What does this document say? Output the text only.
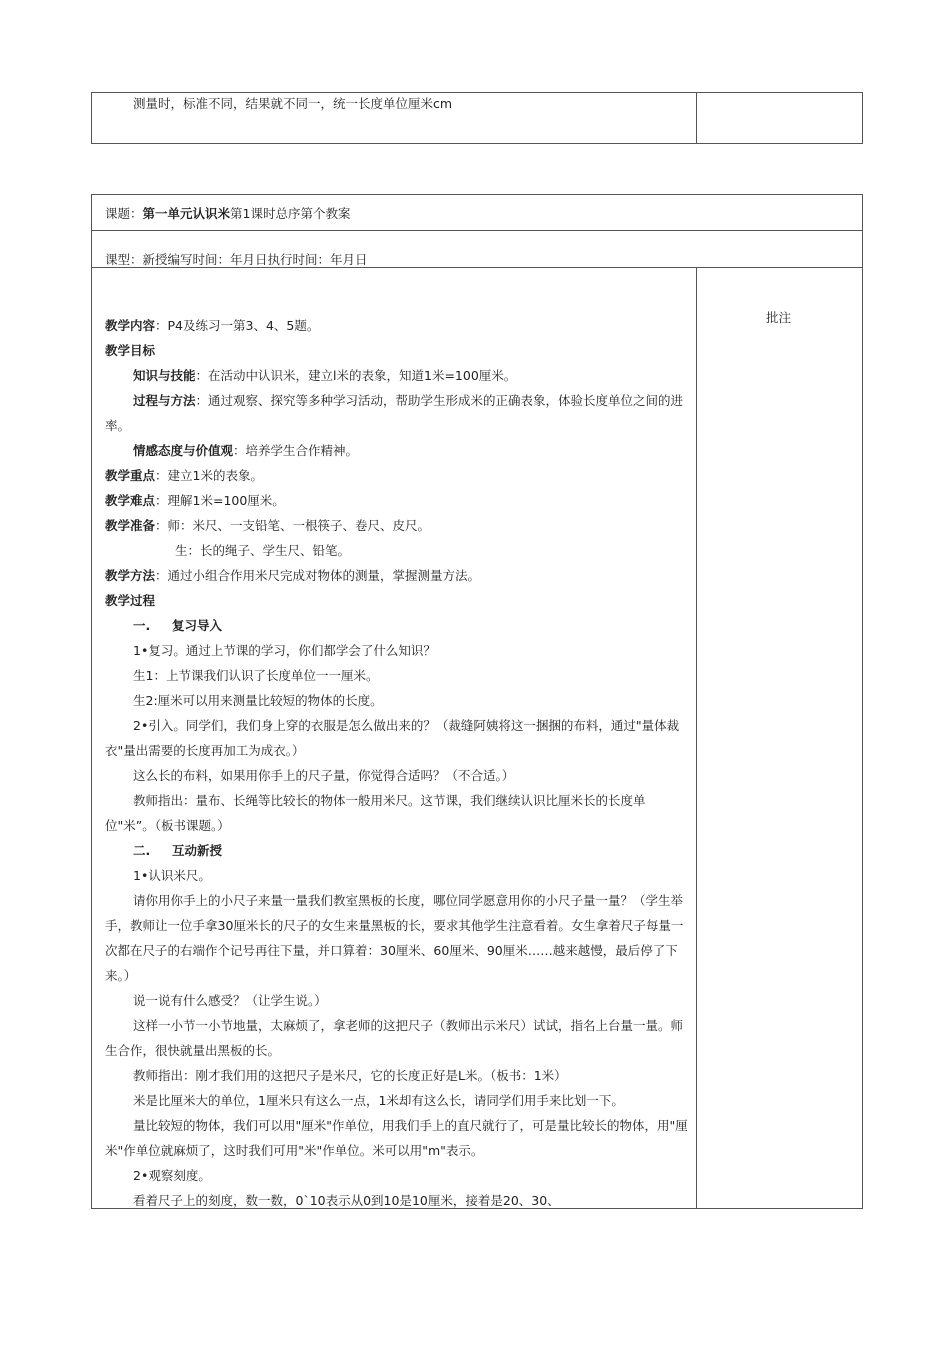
测量时，标准不同，结果就不同一，统一长度单位厘米cm
课题：第一单元认识米第1课时总序第个教案
课型：新授编写时间：年月日执行时间：年月日
批注
教学内容：P4及练习一第3、4、5题。
教学目标
知识与技能：在活动中认识米，建立l米的表象，知道1米=100厘米。
过程与方法：通过观察、探究等多种学习活动，帮助学生形成米的正确表象，体验长度单位之间的进率。
情感态度与价值观：培养学生合作精神。
教学重点：建立1米的表象。
教学难点：理解1米=100厘米。
教学准备：师：米尺、一支铅笔、一根筷子、卷尺、皮尺。
生：长的绳子、学生尺、铅笔。
教学方法：通过小组合作用米尺完成对物体的测量，掌握测量方法。
教学过程
一.     复习导入
1•复习。通过上节课的学习，你们都学会了什么知识？
生1：上节课我们认识了长度单位一一厘米。
生2:厘米可以用来测量比较短的物体的长度。
2•引入。同学们，我们身上穿的衣服是怎么做出来的？（裁缝阿姨将这一捆捆的布料，通过"量体裁衣"量出需要的长度再加工为成衣。）
这么长的布料，如果用你手上的尺子量，你觉得合适吗？（不合适。）
教师指出：量布、长绳等比较长的物体一般用米尺。这节课，我们继续认识比厘米长的长度单位"米”。（板书课题。）
二.     互动新授
1•认识米尺。
请你用你手上的小尺子来量一量我们教室黑板的长度，哪位同学愿意用你的小尺子量一量？（学生举手，教师让一位手拿30厘米长的尺子的女生来量黑板的长，要求其他学生注意看着。女生拿着尺子每量一次都在尺子的右端作个记号再往下量，并口算着：30厘米、60厘米、90厘米……越来越慢，最后停了下来。）
说一说有什么感受？（让学生说。）
这样一小节一小节地量，太麻烦了，拿老师的这把尺子（教师出示米尺）试试，指名上台量一量。师生合作，很快就量出黑板的长。
教师指出：刚才我们用的这把尺子是米尺，它的长度正好是L米。（板书：1米）
米是比厘米大的单位，1厘米只有这么一点，1米却有这么长，请同学们用手来比划一下。
量比较短的物体，我们可以用"厘米"作单位，用我们手上的直尺就行了，可是量比较长的物体，用"厘米"作单位就麻烦了，这时我们可用"米"作单位。米可以用"m"表示。
2•观察刻度。
看着尺子上的刻度，数一数，0`10表示从0到10是10厘米，接着是20、30、
